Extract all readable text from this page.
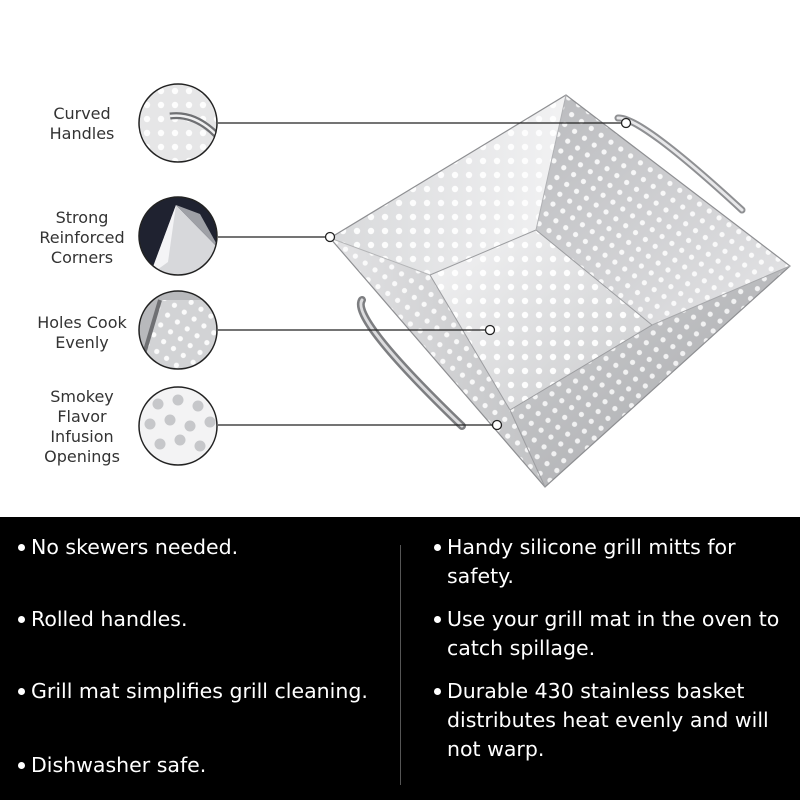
Curved
Handles
Strong
Reinforced
Corners
Holes Cook
Evenly
Smokey
Flavor
Infusion
Openings
No skewers needed.
Rolled handles.
Grill mat simplifies grill cleaning.
Dishwasher safe.
Handy silicone grill mitts for safety.
Use your grill mat in the oven to catch spillage.
Durable 430 stainless basket distributes heat evenly and will not warp.
